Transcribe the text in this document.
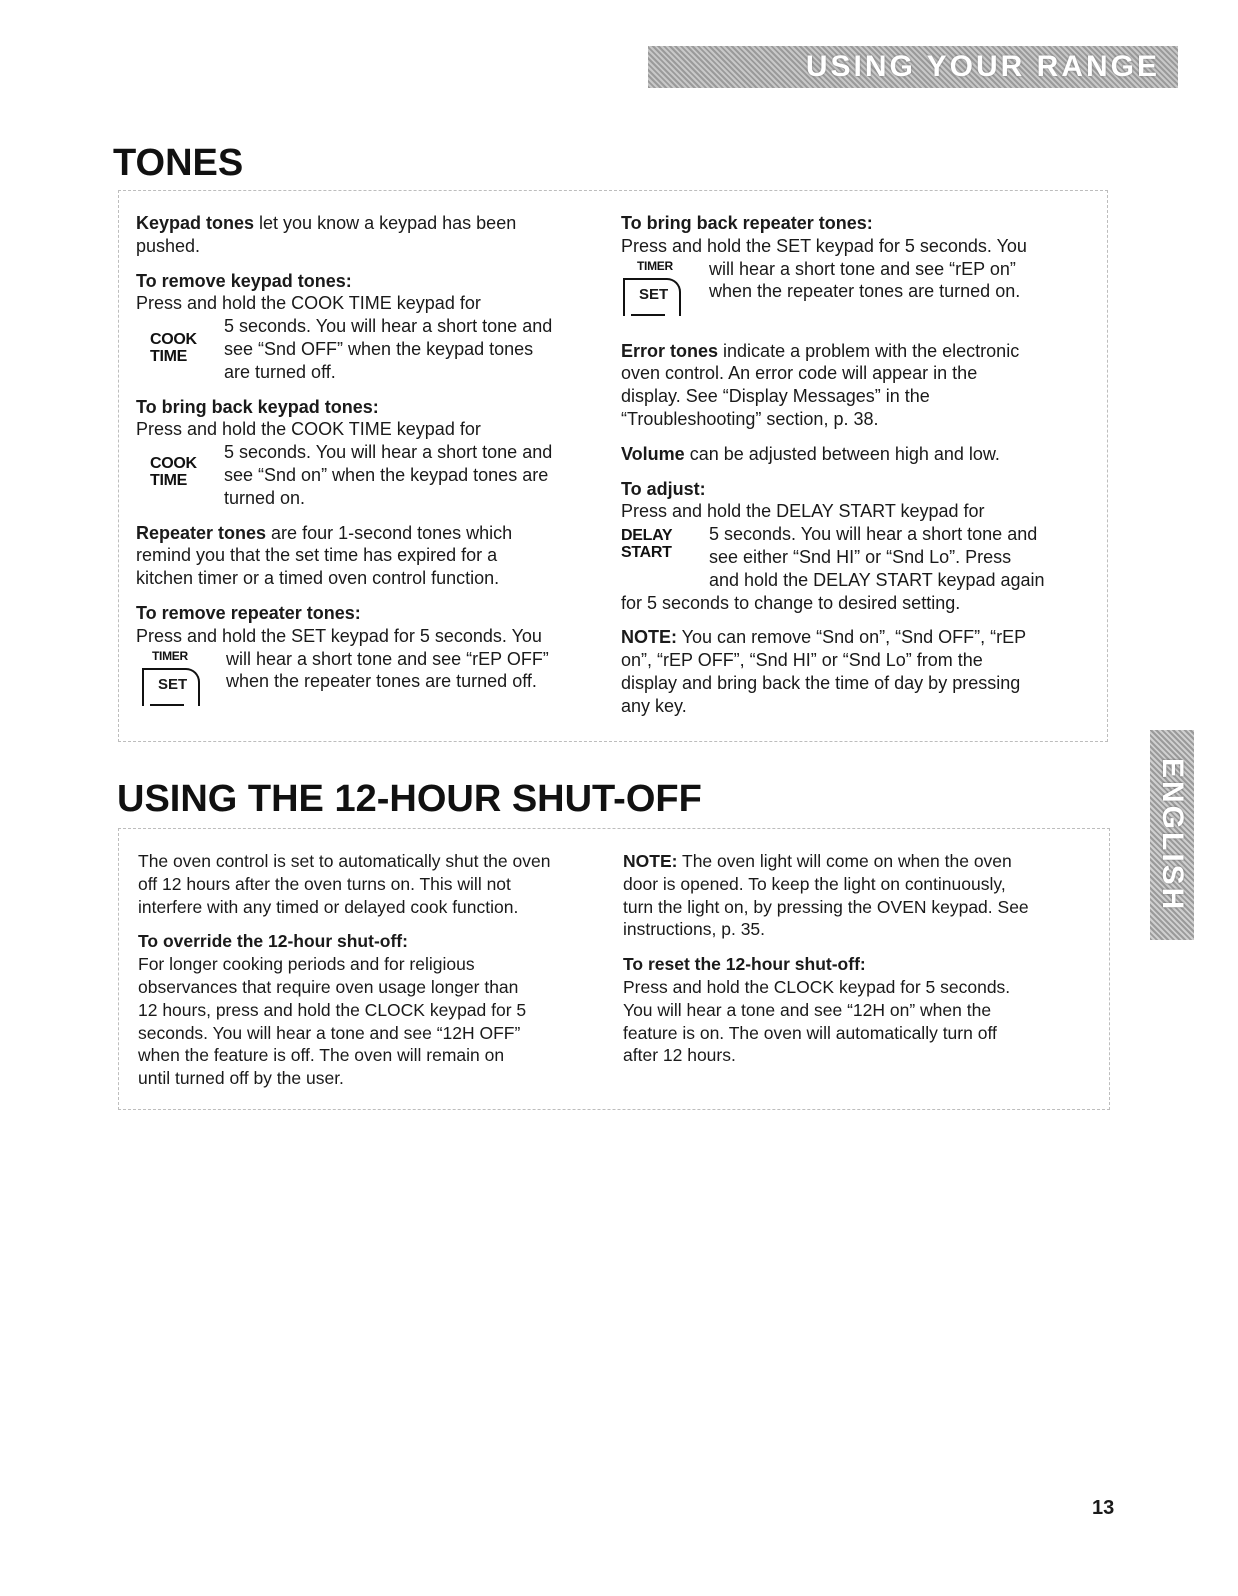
USING YOUR RANGE
ENGLISH
TONES

Keypad tones let you know a keypad has been
pushed.

To remove keypad tones:
Press and hold the COOK TIME keypad for
COOK
TIME
5 seconds. You will hear a short tone and
see “Snd OFF” when the keypad tones
are turned off.
To bring back keypad tones:
Press and hold the COOK TIME keypad for
COOK
TIME
5 seconds. You will hear a short tone and
see “Snd on” when the keypad tones are
turned on.

Repeater tones are four 1-second tones which
remind you that the set time has expired for a
kitchen timer or a timed oven control function.

To remove repeater tones:
Press and hold the SET keypad for 5 seconds. You
TIMER
SET
will hear a short tone and see “rEP OFF”
when the repeater tones are turned off.
To bring back repeater tones:
Press and hold the SET keypad for 5 seconds. You
TIMER
SET
will hear a short tone and see “rEP on”
when the repeater tones are turned on.

Error tones indicate a problem with the electronic
oven control. An error code will appear in the
display. See “Display Messages” in the
“Troubleshooting” section, p. 38.

Volume can be adjusted between high and low.

To adjust:
Press and hold the DELAY START keypad for
DELAY
START
5 seconds. You will hear a short tone and
see either “Snd HI” or “Snd Lo”. Press
and hold the DELAY START keypad again
for 5 seconds to change to desired setting.

NOTE: You can remove “Snd on”, “Snd OFF”, “rEP
on”, “rEP OFF”, “Snd HI” or “Snd Lo” from the
display and bring back the time of day by pressing
any key.

USING THE 12-HOUR SHUT-OFF

The oven control is set to automatically shut the oven
off 12 hours after the oven turns on. This will not
interfere with any timed or delayed cook function.

To override the 12-hour shut-off:
For longer cooking periods and for religious
observances that require oven usage longer than
12 hours, press and hold the CLOCK keypad for 5
seconds. You will hear a tone and see “12H OFF”
when the feature is off. The oven will remain on
until turned off by the user.

NOTE: The oven light will come on when the oven
door is opened. To keep the light on continuously,
turn the light on, by pressing the OVEN keypad. See
instructions, p. 35.

To reset the 12-hour shut-off:
Press and hold the CLOCK keypad for 5 seconds.
You will hear a tone and see “12H on” when the
feature is on. The oven will automatically turn off
after 12 hours.
13
